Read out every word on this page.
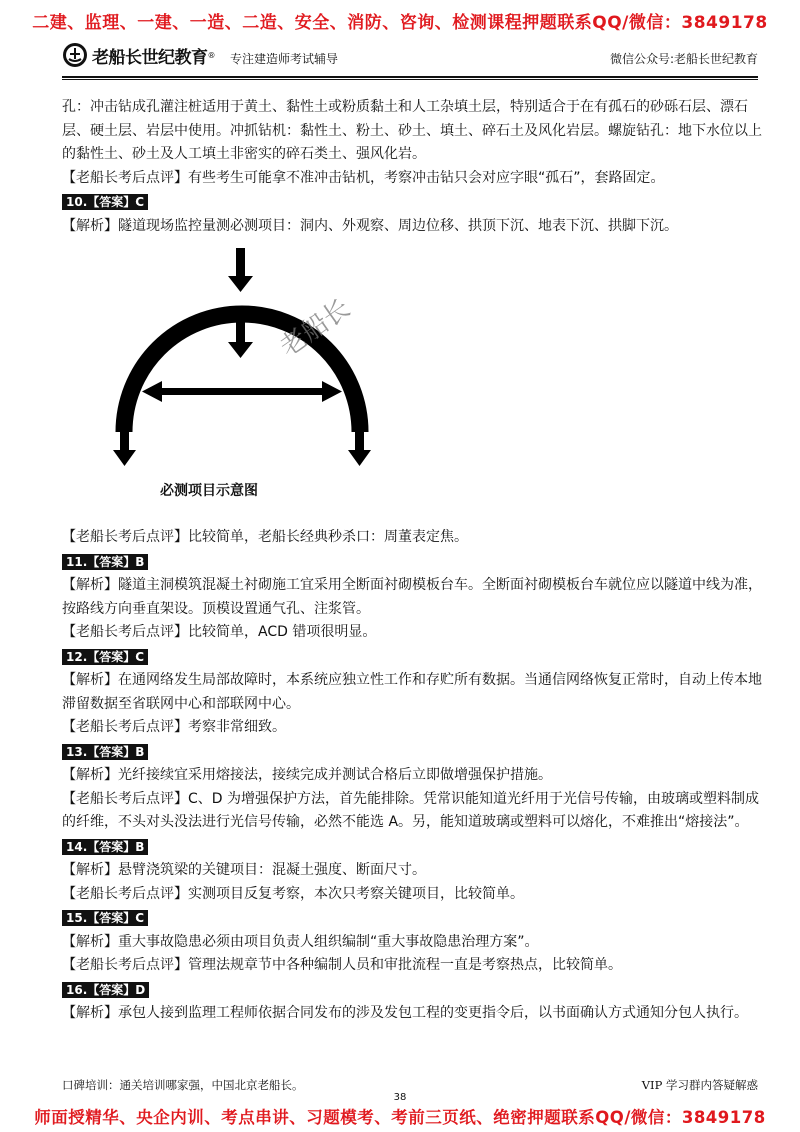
二建、监理、一建、一造、二造、安全、消防、咨询、检测课程押题联系QQ/微信：3849178
老船长世纪教育 ® 专注建造师考试辅导	微信公众号:老船长世纪教育

孔：冲击钻成孔灌注桩适用于黄土、黏性土或粉质黏土和人工杂填土层，特别适合于在有孤石的砂砾石层、漂石层、硬土层、岩层中使用。冲抓钻机：黏性土、粉土、砂土、填土、碎石土及风化岩层。螺旋钻孔：地下水位以上的黏性土、砂土及人工填土非密实的碎石类土、强风化岩。

【老船长考后点评】有些考生可能拿不准冲击钻机，考察冲击钻只会对应字眼“孤石”，套路固定。

10.【答案】C

【解析】隧道现场监控量测必测项目：洞内、外观察、周边位移、拱顶下沉、地表下沉、拱脚下沉。

老船长
必测项目示意图

【老船长考后点评】比较简单，老船长经典秒杀口：周董表定焦。

11.【答案】B

【解析】隧道主洞模筑混凝土衬砌施工宜采用全断面衬砌模板台车。全断面衬砌模板台车就位应以隧道中线为准，按路线方向垂直架设。顶模设置通气孔、注浆管。

【老船长考后点评】比较简单，ACD 错项很明显。

12.【答案】C

【解析】在通网络发生局部故障时，本系统应独立性工作和存贮所有数据。当通信网络恢复正常时，自动上传本地滞留数据至省联网中心和部联网中心。

【老船长考后点评】考察非常细致。

13.【答案】B

【解析】光纤接续宜采用熔接法，接续完成并测试合格后立即做增强保护措施。

【老船长考后点评】C、D 为增强保护方法，首先能排除。凭常识能知道光纤用于光信号传输，由玻璃或塑料制成的纤维，不头对头没法进行光信号传输，必然不能选 A。另，能知道玻璃或塑料可以熔化，不难推出“熔接法”。

14.【答案】B

【解析】悬臂浇筑梁的关键项目：混凝土强度、断面尺寸。

【老船长考后点评】实测项目反复考察，本次只考察关键项目，比较简单。

15.【答案】C

【解析】重大事故隐患必须由项目负责人组织编制“重大事故隐患治理方案”。

【老船长考后点评】管理法规章节中各种编制人员和审批流程一直是考察热点，比较简单。

16.【答案】D

【解析】承包人接到监理工程师依据合同发布的涉及发包工程的变更指令后，以书面确认方式通知分包人执行。

口碑培训：通关培训哪家强，中国北京老船长。	VIP 学习群内答疑解惑
38
师面授精华、央企内训、考点串讲、习题模考、考前三页纸、绝密押题联系QQ/微信：3849178
